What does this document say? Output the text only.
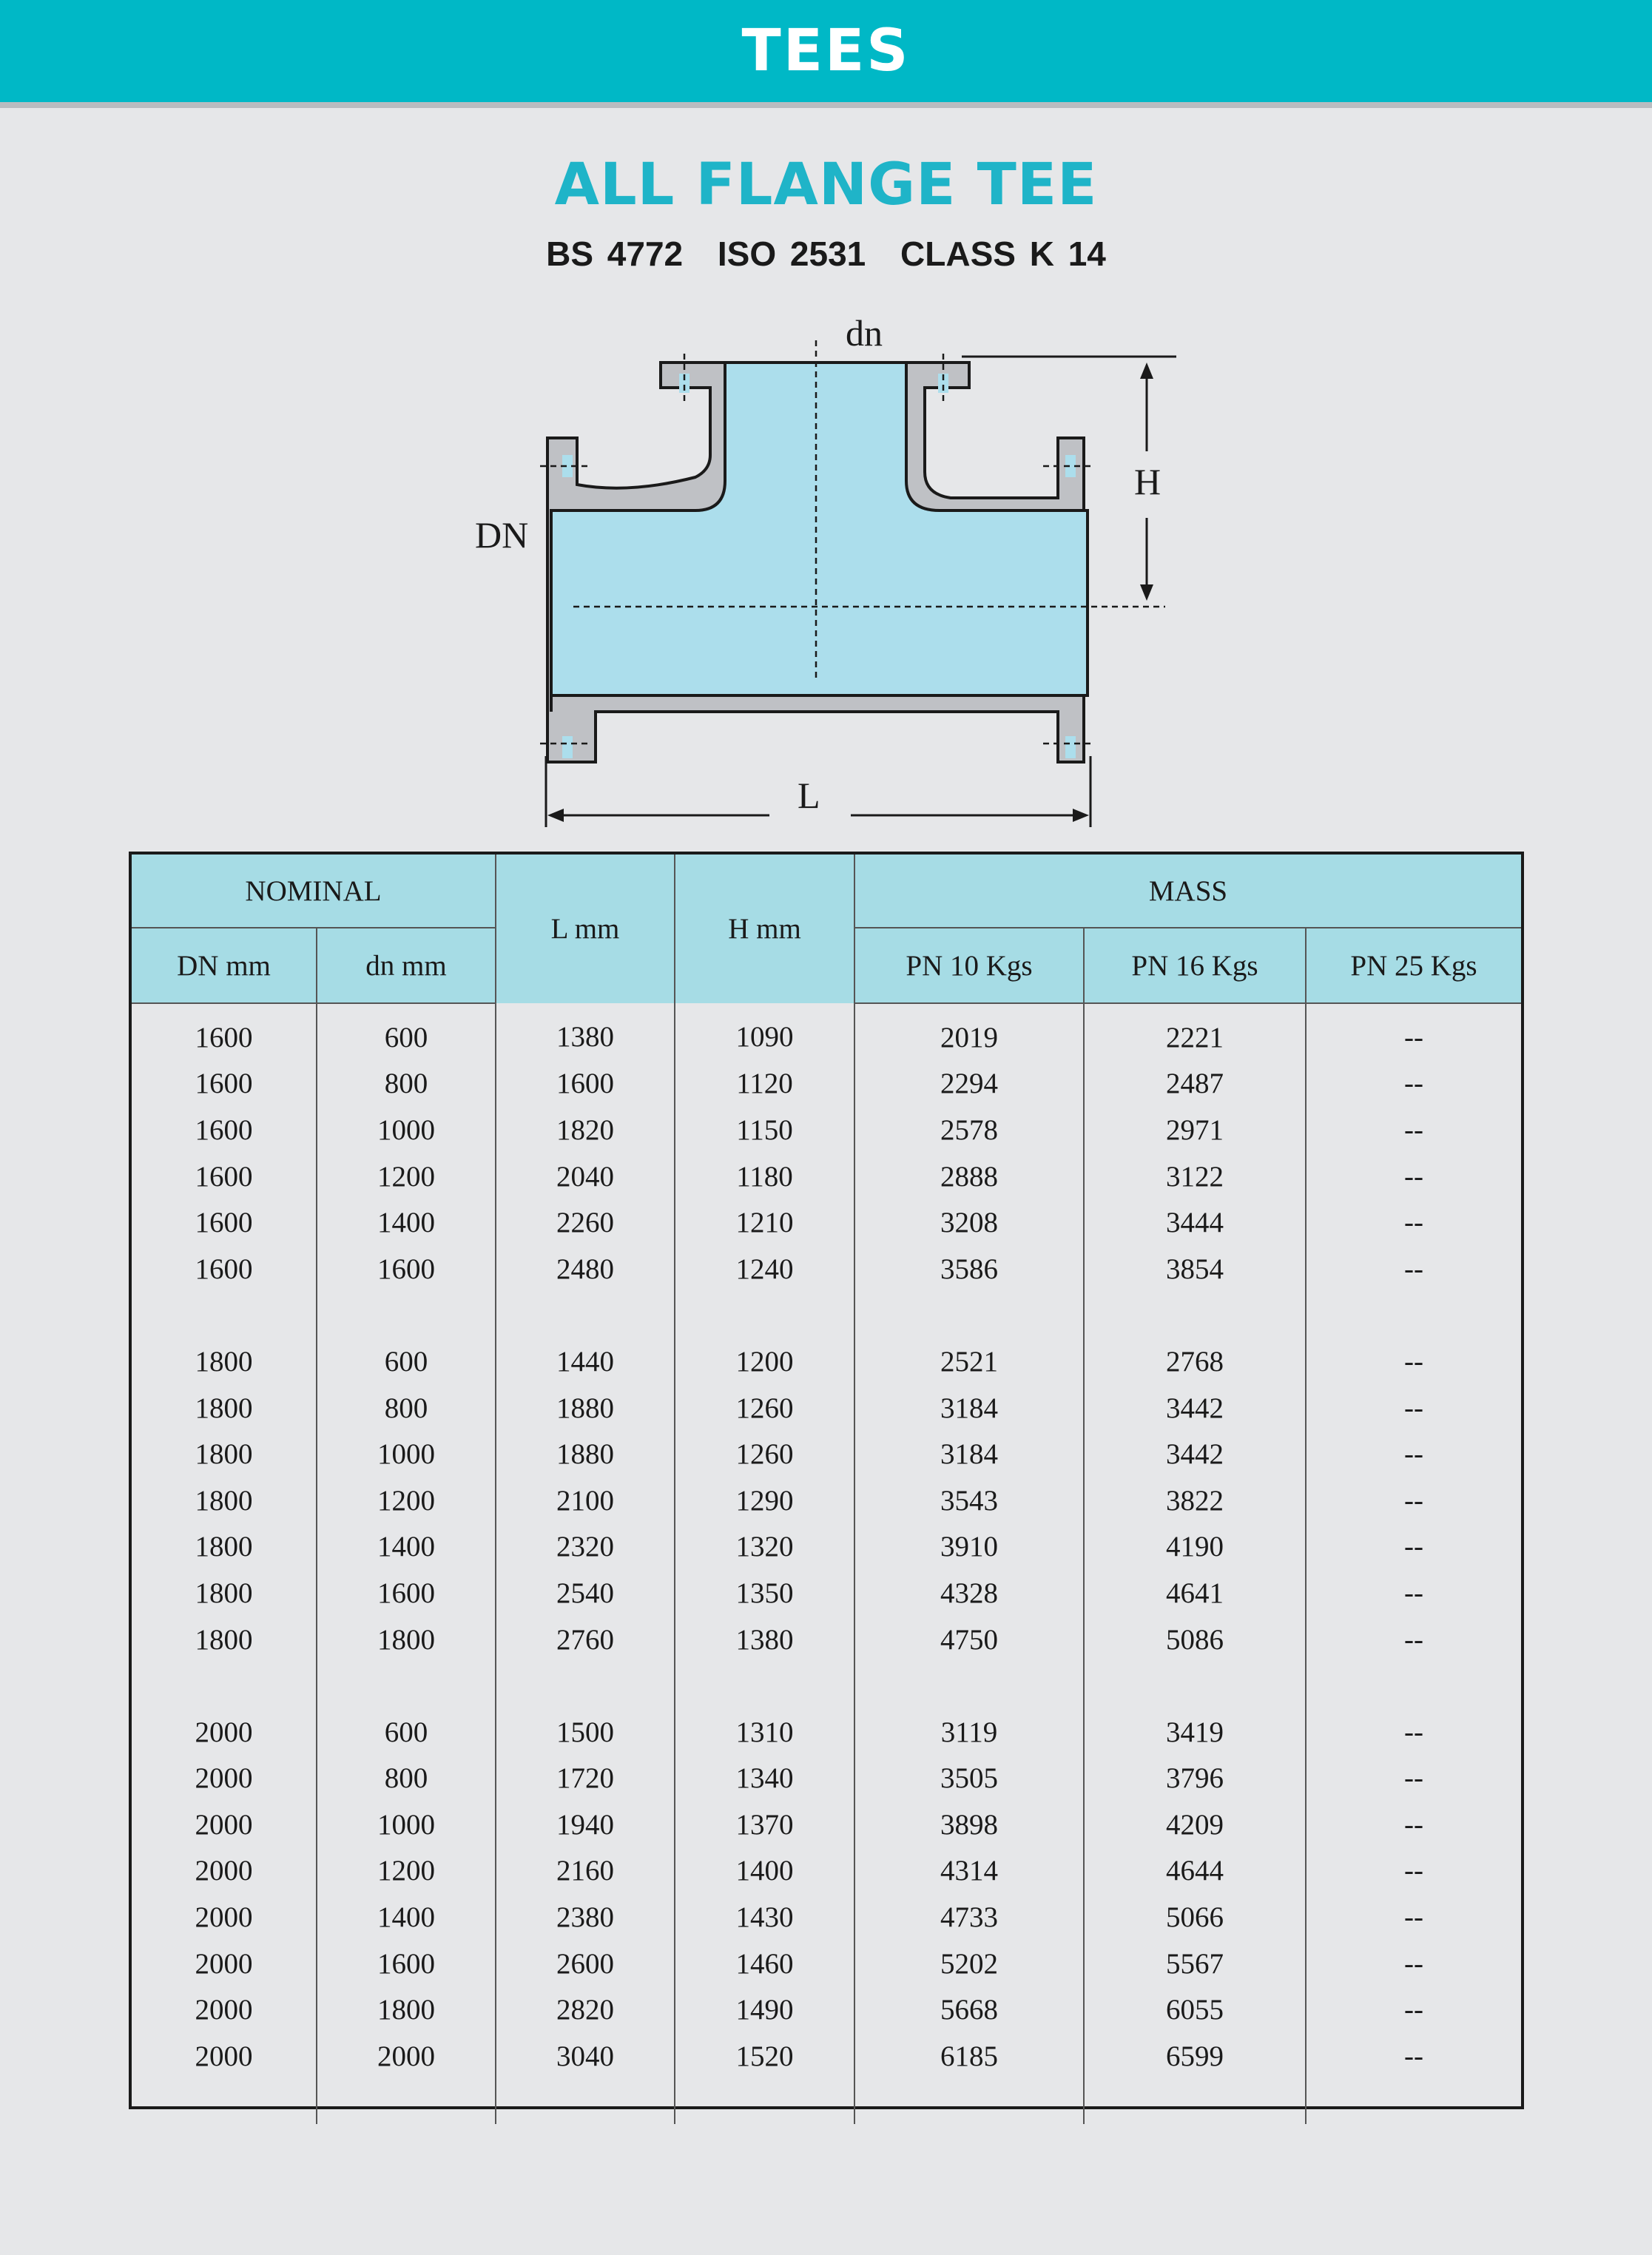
TEES
ALL FLANGE TEE
BS 4772 ISO 2531 CLASS K 14
dn
DN
H
L
NOMINAL		L mm	H mm	MASS		
DN mm	dn mm			PN 10 Kgs	PN 16 Kgs	PN 25 Kgs
1600	600	1380	1090	2019	2221	--
1600	800	1600	1120	2294	2487	--
1600	1000	1820	1150	2578	2971	--
1600	1200	2040	1180	2888	3122	--
1600	1400	2260	1210	3208	3444	--
1600	1600	2480	1240	3586	3854	--

1800	600	1440	1200	2521	2768	--
1800	800	1880	1260	3184	3442	--
1800	1000	1880	1260	3184	3442	--
1800	1200	2100	1290	3543	3822	--
1800	1400	2320	1320	3910	4190	--
1800	1600	2540	1350	4328	4641	--
1800	1800	2760	1380	4750	5086	--

2000	600	1500	1310	3119	3419	--
2000	800	1720	1340	3505	3796	--
2000	1000	1940	1370	3898	4209	--
2000	1200	2160	1400	4314	4644	--
2000	1400	2380	1430	4733	5066	--
2000	1600	2600	1460	5202	5567	--
2000	1800	2820	1490	5668	6055	--
2000	2000	3040	1520	6185	6599	--
